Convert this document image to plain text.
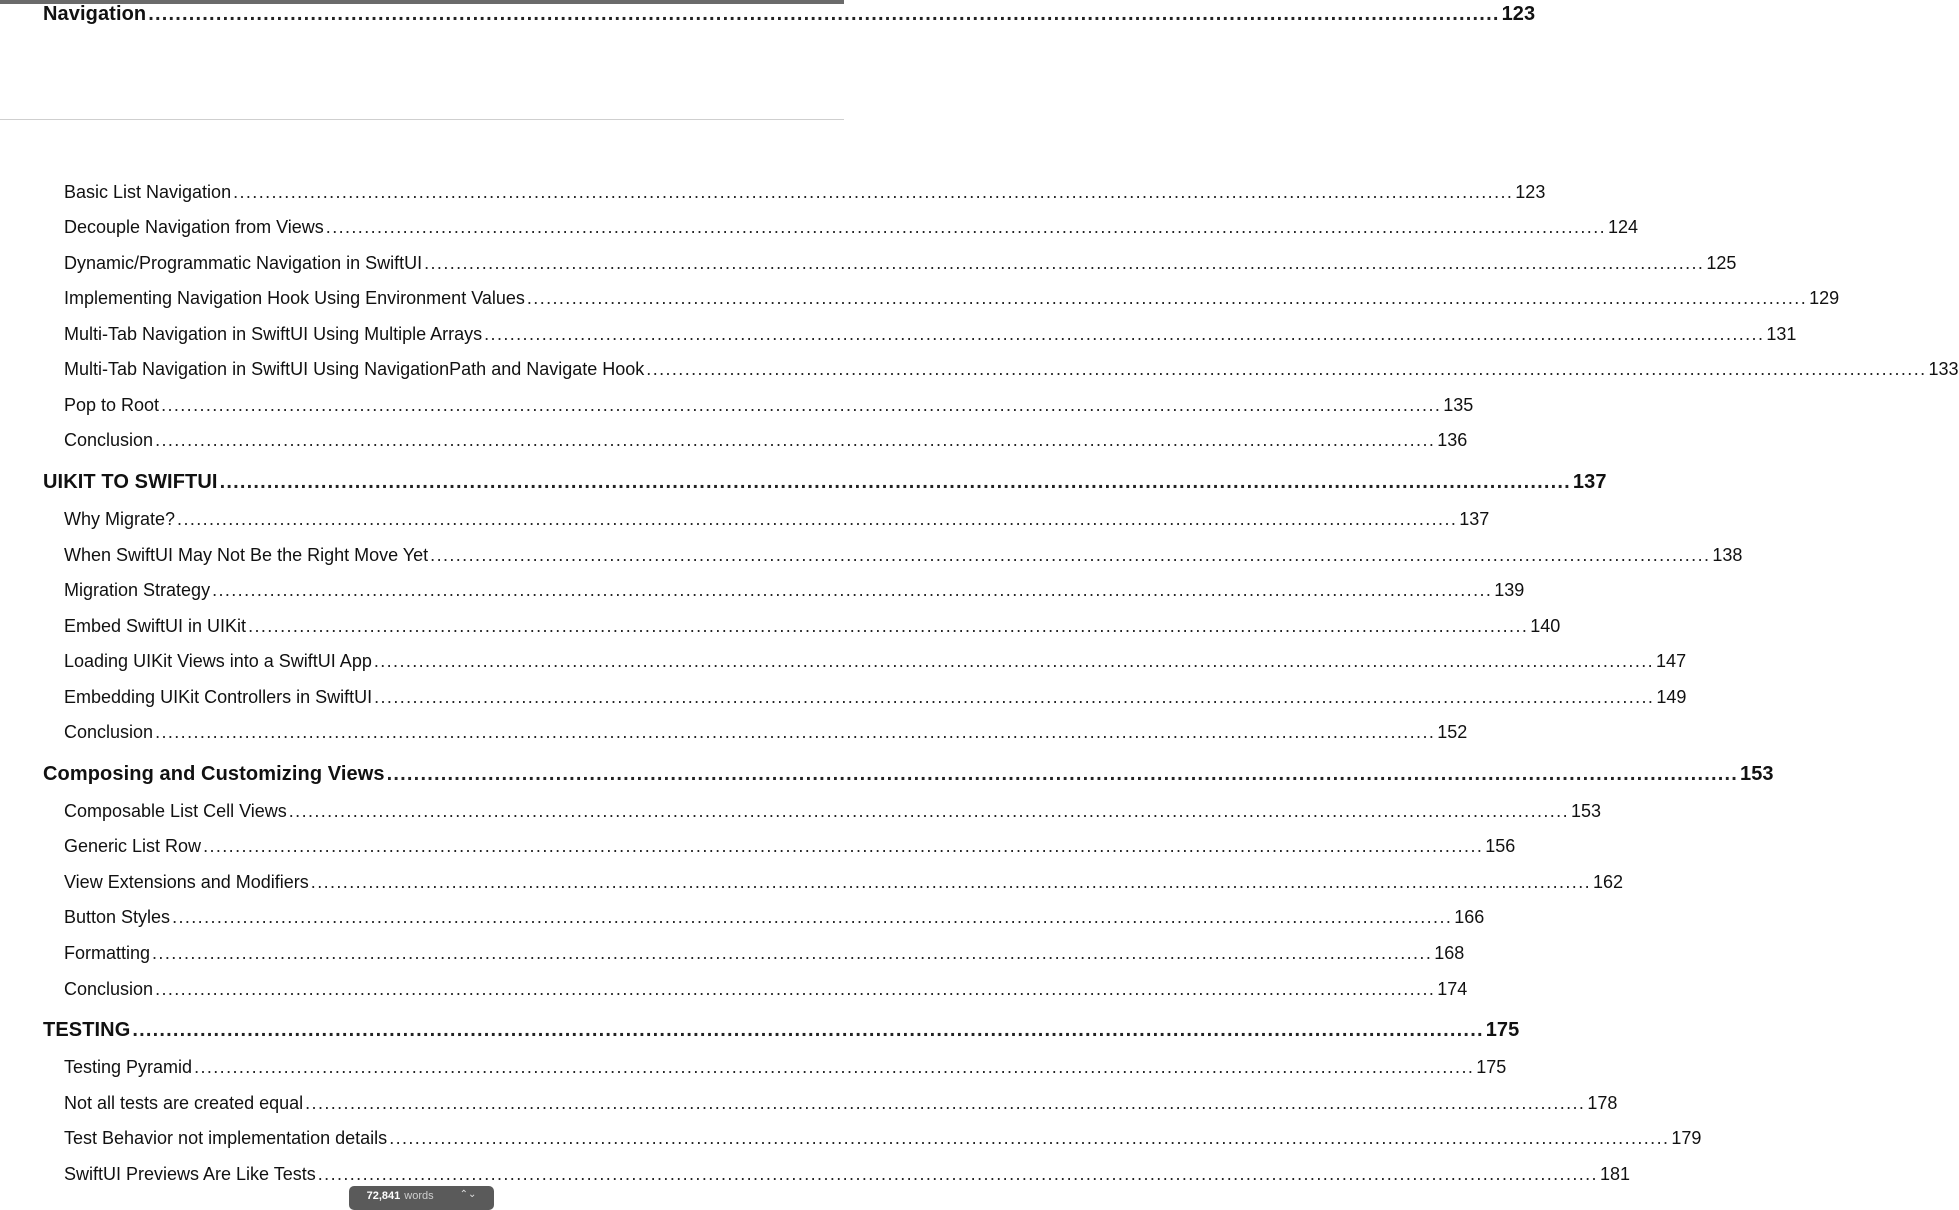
Navigation ........................................................................................................................................................................................................ 123
Basic List Navigation ........................................................................................................................................................................................................ 123
Decouple Navigation from Views ........................................................................................................................................................................................................ 124
Dynamic/Programmatic Navigation in SwiftUI ........................................................................................................................................................................................................ 125
Implementing Navigation Hook Using Environment Values ........................................................................................................................................................................................................ 129
Multi-Tab Navigation in SwiftUI Using Multiple Arrays ........................................................................................................................................................................................................ 131
Multi-Tab Navigation in SwiftUI Using NavigationPath and Navigate Hook ........................................................................................................................................................................................................ 133
Pop to Root ........................................................................................................................................................................................................ 135
Conclusion ........................................................................................................................................................................................................ 136
UIKIT TO SWIFTUI ........................................................................................................................................................................................................ 137
Why Migrate? ........................................................................................................................................................................................................ 137
When SwiftUI May Not Be the Right Move Yet ........................................................................................................................................................................................................ 138
Migration Strategy ........................................................................................................................................................................................................ 139
Embed SwiftUI in UIKit ........................................................................................................................................................................................................ 140
Loading UIKit Views into a SwiftUI App ........................................................................................................................................................................................................ 147
Embedding UIKit Controllers in SwiftUI ........................................................................................................................................................................................................ 149
Conclusion ........................................................................................................................................................................................................ 152
Composing and Customizing Views ........................................................................................................................................................................................................ 153
Composable List Cell Views ........................................................................................................................................................................................................ 153
Generic List Row ........................................................................................................................................................................................................ 156
View Extensions and Modifiers ........................................................................................................................................................................................................ 162
Button Styles ........................................................................................................................................................................................................ 166
Formatting ........................................................................................................................................................................................................ 168
Conclusion ........................................................................................................................................................................................................ 174
TESTING ........................................................................................................................................................................................................ 175
Testing Pyramid ........................................................................................................................................................................................................ 175
Not all tests are created equal ........................................................................................................................................................................................................ 178
Test Behavior not implementation details ........................................................................................................................................................................................................ 179
SwiftUI Previews Are Like Tests ........................................................................................................................................................................................................ 181
72,841 words	⌃⌄
